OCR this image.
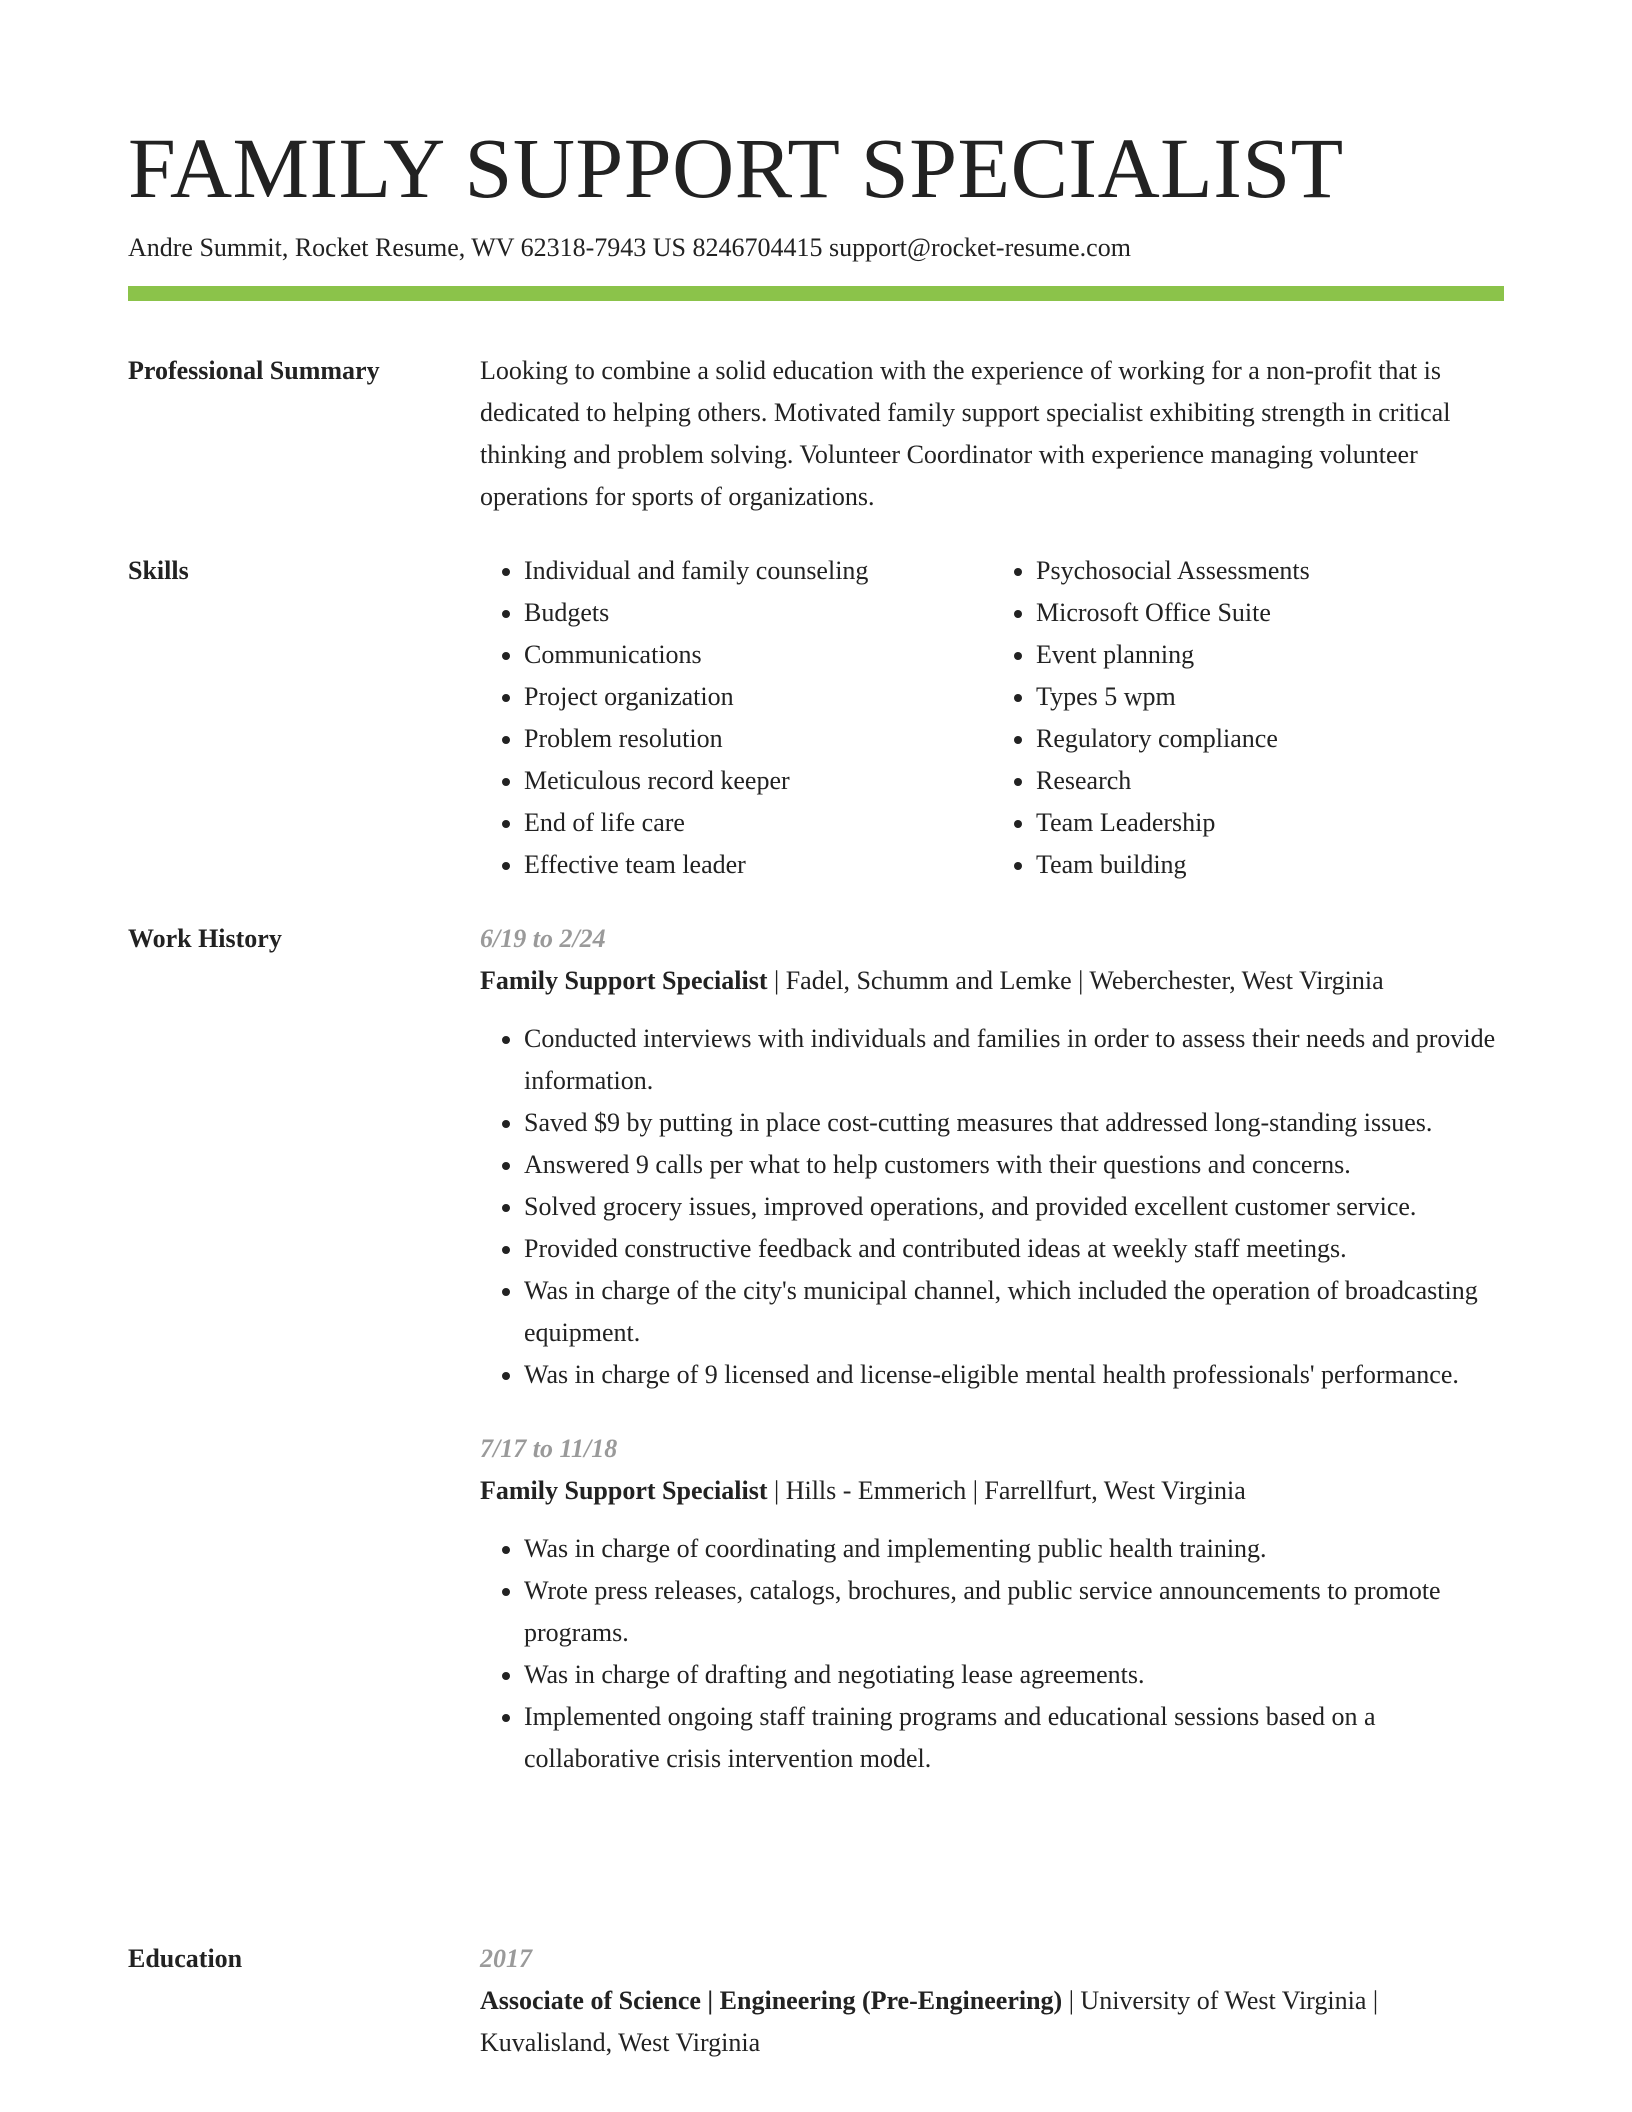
FAMILY SUPPORT SPECIALIST
Andre Summit, Rocket Resume, WV 62318-7943 US 8246704415 support@rocket-resume.com
Professional Summary	Looking to combine a solid education with the experience of working for a non-profit that is dedicated to helping others. Motivated family support specialist exhibiting strength in critical thinking and problem solving. Volunteer Coordinator with experience managing volunteer operations for sports of organizations.

Skills
•	Individual and family counseling
• Budgets
• Communications
• Project organization
• Problem resolution
• Meticulous record keeper
• End of life care
• Effective team leader
• Psychosocial Assessments
• Microsoft Office Suite
• Event planning
• Types 5 wpm
• Regulatory compliance
• Research
• Team Leadership
• Team building
Work History	6/19 to 2/24
Family Support Specialist | Fadel, Schumm and Lemke | Weberchester, West Virginia
• Conducted interviews with individuals and families in order to assess their needs and provide information.
• Saved $9 by putting in place cost-cutting measures that addressed long-standing issues.
• Answered 9 calls per what to help customers with their questions and concerns.
• Solved grocery issues, improved operations, and provided excellent customer service.
• Provided constructive feedback and contributed ideas at weekly staff meetings.
• Was in charge of the city's municipal channel, which included the operation of broadcasting equipment.
• Was in charge of 9 licensed and license-eligible mental health professionals' performance.
7/17 to 11/18
Family Support Specialist | Hills - Emmerich | Farrellfurt, West Virginia
• Was in charge of coordinating and implementing public health training.
• Wrote press releases, catalogs, brochures, and public service announcements to promote programs.
• Was in charge of drafting and negotiating lease agreements.
• Implemented ongoing staff training programs and educational sessions based on a collaborative crisis intervention model.
Education	2017
Associate of Science | Engineering (Pre-Engineering) | University of West Virginia | Kuvalisland, West Virginia
